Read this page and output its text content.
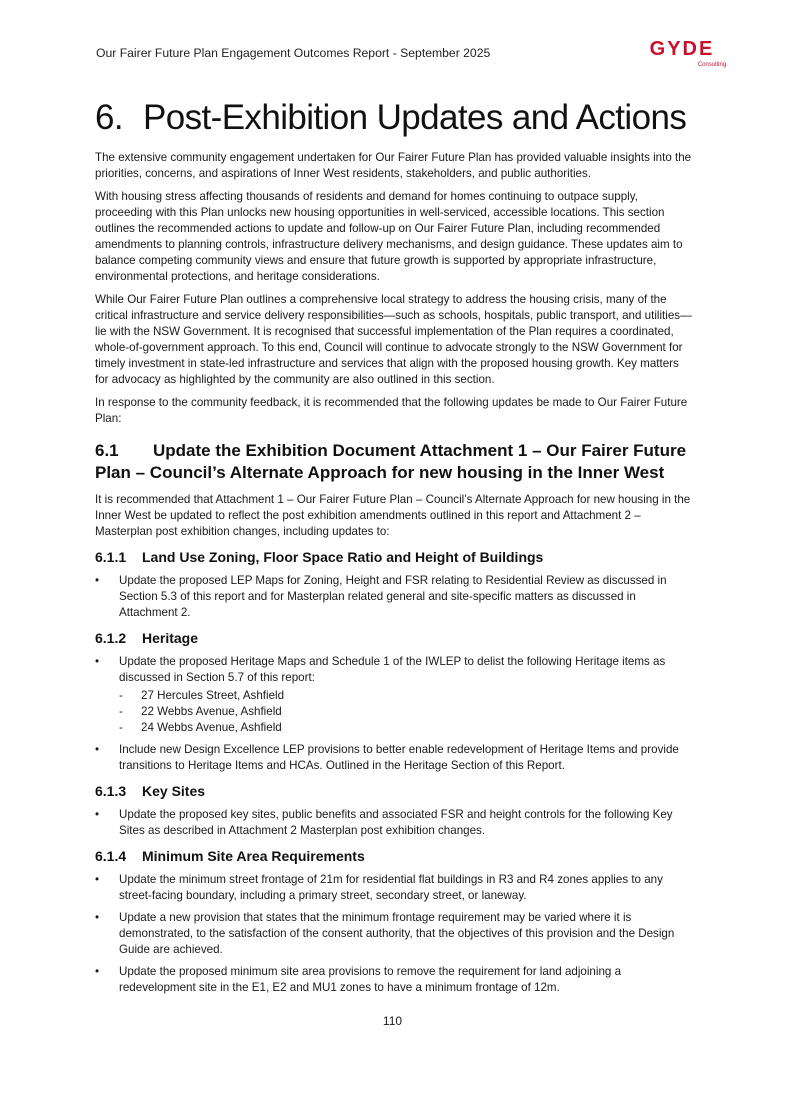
Our Fairer Future Plan Engagement Outcomes Report - September 2025	GYDE
Consulting
6. Post-Exhibition Updates and Actions

The extensive community engagement undertaken for Our Fairer Future Plan has provided valuable insights into the priorities, concerns, and aspirations of Inner West residents, stakeholders, and public authorities.

With housing stress affecting thousands of residents and demand for homes continuing to outpace supply, proceeding with this Plan unlocks new housing opportunities in well-serviced, accessible locations. This section outlines the recommended actions to update and follow-up on Our Fairer Future Plan, including recommended amendments to planning controls, infrastructure delivery mechanisms, and design guidance. These updates aim to balance competing community views and ensure that future growth is supported by appropriate infrastructure, environmental protections, and heritage considerations.

While Our Fairer Future Plan outlines a comprehensive local strategy to address the housing crisis, many of the critical infrastructure and service delivery responsibilities—such as schools, hospitals, public transport, and utilities—lie with the NSW Government. It is recognised that successful implementation of the Plan requires a coordinated, whole-of-government approach. To this end, Council will continue to advocate strongly to the NSW Government for timely investment in state-led infrastructure and services that align with the proposed housing growth. Key matters for advocacy as highlighted by the community are also outlined in this section.

In response to the community feedback, it is recommended that the following updates be made to Our Fairer Future Plan:

6.1 Update the Exhibition Document Attachment 1 – Our Fairer Future Plan – Council’s Alternate Approach for new housing in the Inner West

It is recommended that Attachment 1 – Our Fairer Future Plan – Council’s Alternate Approach for new housing in the Inner West be updated to reflect the post exhibition amendments outlined in this report and Attachment 2 – Masterplan post exhibition changes, including updates to:

6.1.1 Land Use Zoning, Floor Space Ratio and Height of Buildings
•	Update the proposed LEP Maps for Zoning, Height and FSR relating to Residential Review as discussed in Section 5.3 of this report and for Masterplan related general and site-specific matters as discussed in Attachment 2.
6.1.2 Heritage
•	Update the proposed Heritage Maps and Schedule 1 of the IWLEP to delist the following Heritage items as discussed in Section 5.7 of this report:
- 27 Hercules Street, Ashfield
- 22 Webbs Avenue, Ashfield
- 24 Webbs Avenue, Ashfield
•	Include new Design Excellence LEP provisions to better enable redevelopment of Heritage Items and provide transitions to Heritage Items and HCAs. Outlined in the Heritage Section of this Report.
6.1.3 Key Sites
•	Update the proposed key sites, public benefits and associated FSR and height controls for the following Key Sites as described in Attachment 2 Masterplan post exhibition changes.
6.1.4 Minimum Site Area Requirements
•	Update the minimum street frontage of 21m for residential flat buildings in R3 and R4 zones applies to any street-facing boundary, including a primary street, secondary street, or laneway.
•	Update a new provision that states that the minimum frontage requirement may be varied where it is demonstrated, to the satisfaction of the consent authority, that the objectives of this provision and the Design Guide are achieved.
•	Update the proposed minimum site area provisions to remove the requirement for land adjoining a redevelopment site in the E1, E2 and MU1 zones to have a minimum frontage of 12m.
110
